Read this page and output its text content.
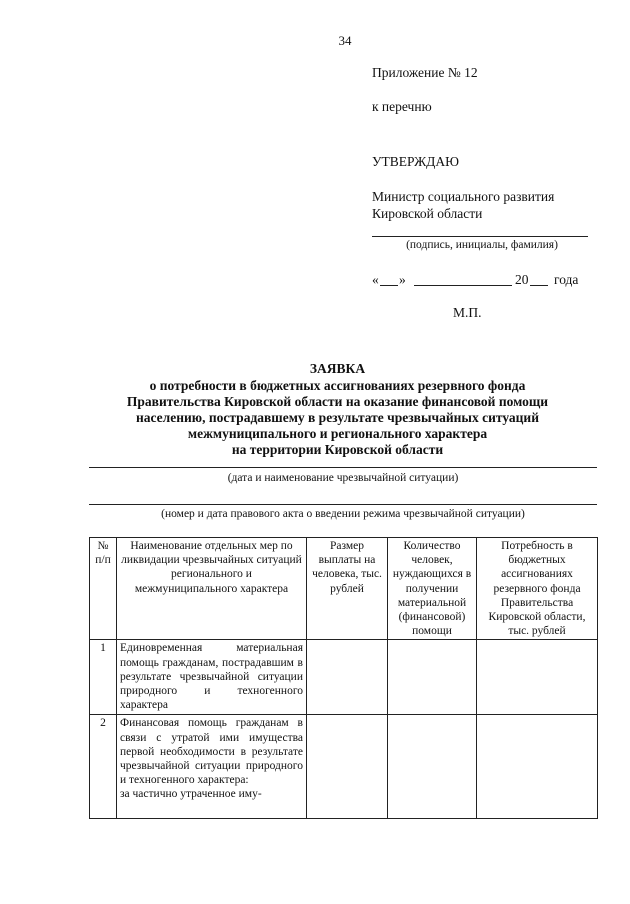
34
Приложение № 12
к перечню
УТВЕРЖДАЮ
Министр социального развития
Кировской области
(подпись, инициалы, фамилия)
« »	20 года
М.П.
ЗАЯВКА
о потребности в бюджетных ассигнованиях резервного фонда
Правительства Кировской области на оказание финансовой помощи
населению, пострадавшему в результате чрезвычайных ситуаций
межмуниципального и регионального характера
на территории Кировской области
(дата и наименование чрезвычайной ситуации)
(номер и дата правового акта о введении режима чрезвычайной ситуации)
№ п/п	Наименование отдельных мер по ликвидации чрезвычайных ситуаций регионального и межмуниципального характера	Размер выплаты на человека, тыс. рублей	Количество человек, нуждающихся в получении материальной (финансовой) помощи	Потребность в бюджетных ассигнованиях резервного фонда Правительства Кировской области, тыс. рублей
1	Единовременная материальная помощь гражданам, пострадавшим в результате чрезвычайной ситуации природного и техногенного характера			
2	Финансовая помощь гражданам в связи с утратой ими имущества первой необходимости в результате чрезвычайной ситуации природного и техногенного характера:
за частично утраченное иму-			
